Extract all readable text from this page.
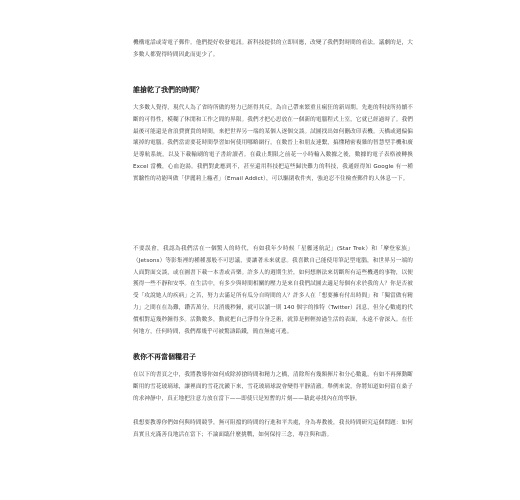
機構電話或寄電子郵件。他們提好收發電訊。新科技提供的立即回應，改變了我們對時間的看法。議劇的是，大多數人都覺得時間因此而更少了。

誰搶乾了我們的時間？

大多數人覺得，現代人為了省時所做的努力已經得其反，為自己帶來繁重且瘋狂的新周期。先進的科技所持續不斷的可得性，模糊了休閒和工作之間的界限。我們才把心思放在一個新的電腦程式上室，它就已經過時了。我們最後可能還是會浪費寶貴的時間，來把世界另一端的某個人逐個交談。試圖找出如何刪改印表機。天橋或週偏偏壞掉的電腦。我們當需要花時間學習如何使用哪略網行，在數晉上和朋友連繫，搞懂精密複雜的智慧型手機和廣是導航系統，以及下載輸刷的電子書紛讀者。在截止期限之前花一小時輸入數據之後，數據的電子表格被轉換 Excel 當機，心血泡湯。我們對此應到不，甚至還用科技把這些歸決難力的科技，我通經得知 Google 有一種實驗性的功能叫做「伊麗莉上癮者」（Email Addict），可以驅閉收件夾，強迫忍不住檢查郵件的人休息一下。

不要誤會，我認為我們活在一個驚人的時代，有如我年少時候「星艦迷航記」(Star Trek）和「摩登家族」（Jetsons）等影集裡的種種那般不可思議，要讓著未來就意。我喜歡自己能使用筆記型電腦，和世界另一端的人面對面交談，或在圖書下載一本書或音樂。許多人的週期生於，如何想辦法來切斷所有這些機遇的事物，以便獲得一些不靜和安寧。在生活中，有多少與時間相關的壓力是來自我們試圖去適足每個有求於我的人？你是否被受「攻說她人的疾病」之苦，努力去滿足所有瓜分自時間的人？許多人在「想要擁有付出時間」和「獨當做有精力」之間在在為難，鑽苦萬分。只消幾秒鐘，就可以讀一則 140 個字的推特（Twitter）訊息，但分心數處的代價相對這幾秒鐘得多。活動數多，動就把自己淨得分身乏術，就算是輕輕掠過生活的表面，永遠不會深入。在任何地方，任何時間，我們都幾乎可被驚濤鉛鐵，簡直無處可逃。

教你不再當個糧君子

在以下的書頁之中，我將教導你如何成除掉搶時間和精力之橋，清除所有幾額揮片和分心數亂。有如不再揮動斷斷用的雪花玻璃球，讓裡面的雪花沈澱下來，雪花玻璃球說會變得平靜清澈。舉例來說，你將知道如何留在桑子的求神靜中，真正地把注意力放在當下——即使只是短暫的片刻——藉此尋找內在的寧靜。

我想要教導你們如何與時間競爭，無可阻擋的時間的行進和平共處，身為專教後，我長時間研究這個問題：如何真實且充滿善良地活在當下；不論面臨什麼挑戰，如何保持三念，專注與和諧。
